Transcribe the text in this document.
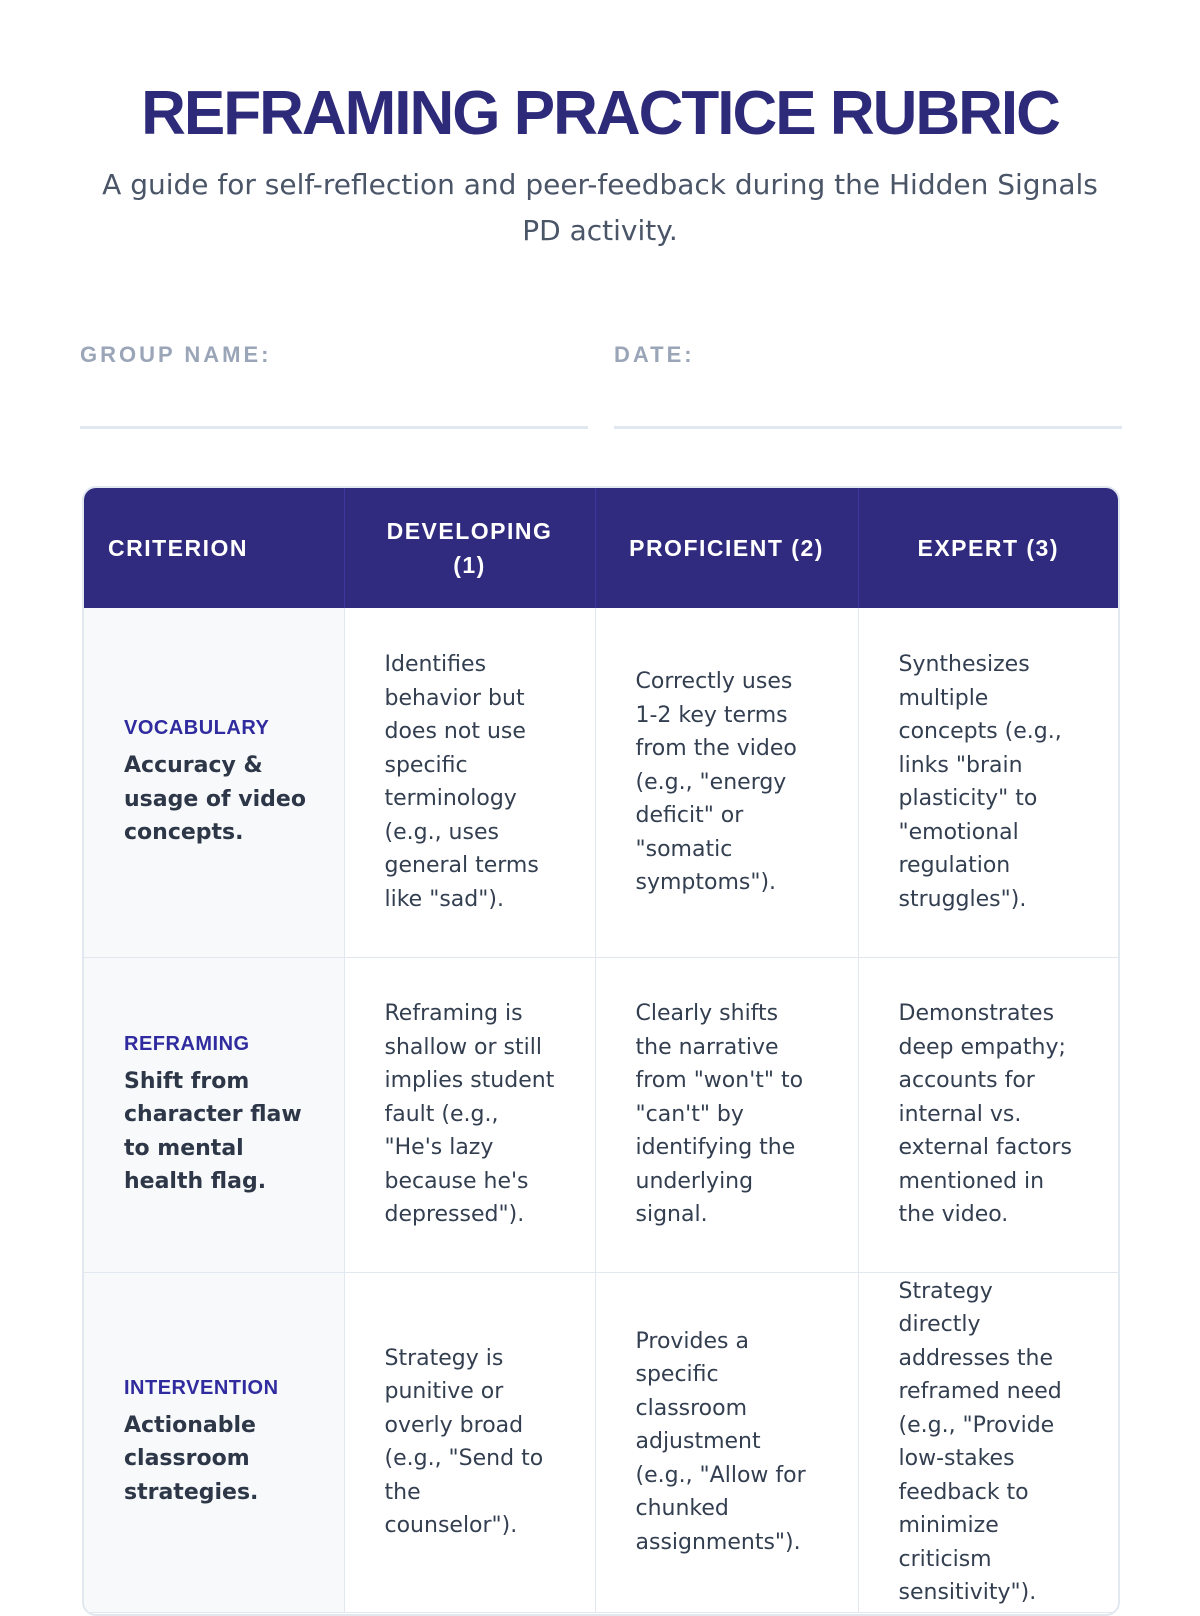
REFRAMING PRACTICE RUBRIC
A guide for self-reflection and peer-feedback during the Hidden Signals PD activity.
GROUP NAME:	DATE:
CRITERION	DEVELOPING (1)	PROFICIENT (2)	EXPERT (3)

VOCABULARY
Accuracy & usage of video concepts.	Identifies behavior but does not use specific terminology (e.g., uses general terms like "sad").	Correctly uses 1-2 key terms from the video (e.g., "energy deficit" or "somatic symptoms").	Synthesizes multiple concepts (e.g., links "brain plasticity" to "emotional regulation struggles").

REFRAMING
Shift from character flaw to mental health flag.	Reframing is shallow or still implies student fault (e.g., "He's lazy because he's depressed").	Clearly shifts the narrative from "won't" to "can't" by identifying the underlying signal.	Demonstrates deep empathy; accounts for internal vs. external factors mentioned in the video.

INTERVENTION
Actionable classroom strategies.	Strategy is punitive or overly broad (e.g., "Send to the counselor").	Provides a specific classroom adjustment (e.g., "Allow for chunked assignments").	Strategy directly addresses the reframed need (e.g., "Provide low-stakes feedback to minimize criticism sensitivity").
